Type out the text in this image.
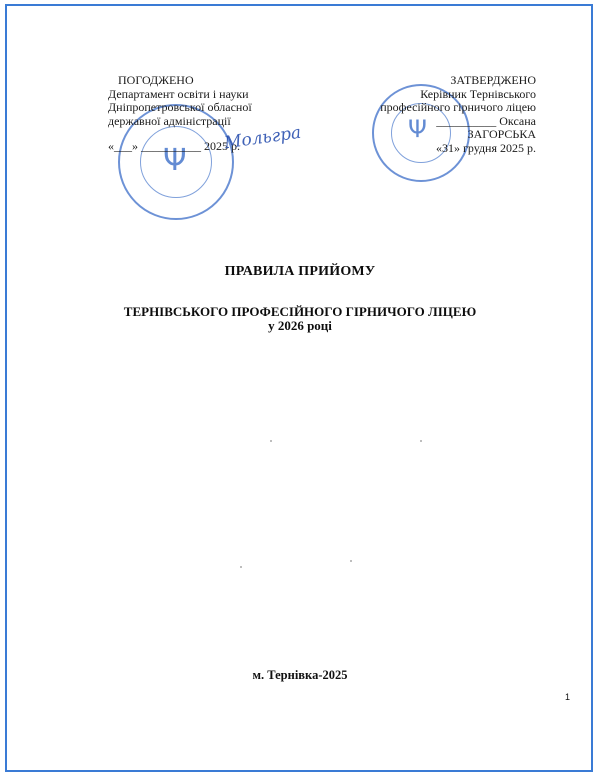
Ψ
ПОГОДЖЕНО
Департамент освіти і науки
Дніпропетровської обласної
державної адміністрації
«___» __________ 2025 р.
Мольгра	Ψ
ЗАТВЕРДЖЕНО
Керівник Тернівського
професійного гірничого ліцею
__________ Оксана ЗАГОРСЬКА
«31» грудня 2025 р.
ПРАВИЛА ПРИЙОМУ
ТЕРНІВСЬКОГО ПРОФЕСІЙНОГО ГІРНИЧОГО ЛІЦЕЮ
у 2026 році
м. Тернівка-2025
1
